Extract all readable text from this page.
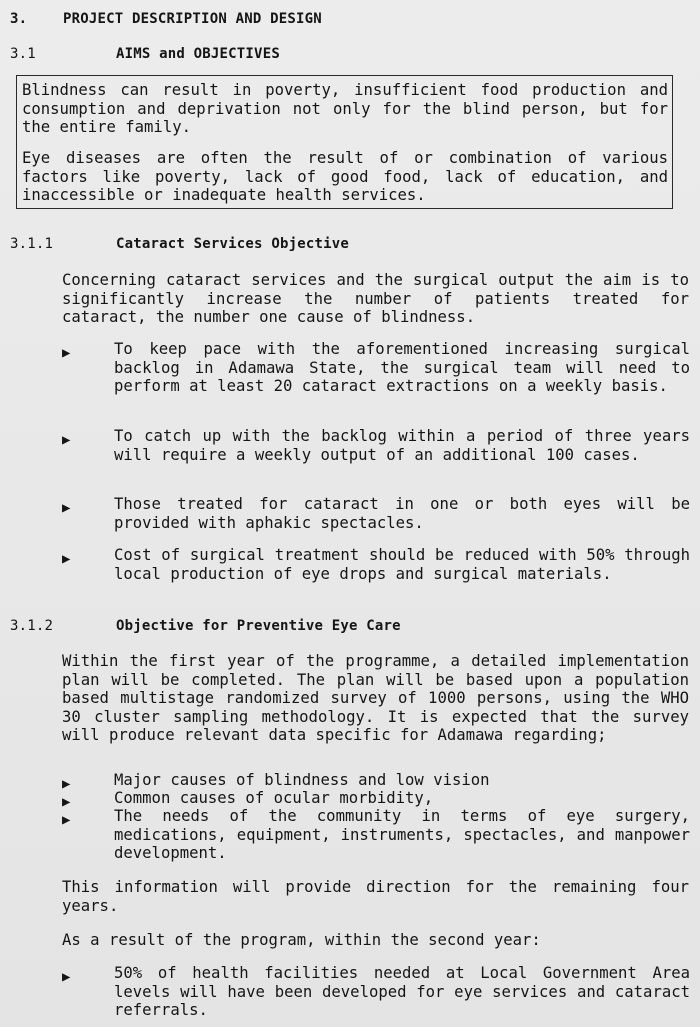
3.	PROJECT DESCRIPTION AND DESIGN
3.1	AIMS and OBJECTIVES

Blindness can result in poverty, insufficient food production and consumption and deprivation not only for the blind person, but for the entire family.

Eye diseases are often the result of or combination of various factors like poverty, lack of good food, lack of education, and inaccessible or inadequate health services.

3.1.1	Cataract Services Objective

Concerning cataract services and the surgical output the aim is to significantly increase the number of patients treated for cataract, the number one cause of blindness.

▶	To keep pace with the aforementioned increasing surgical backlog in Adamawa State, the surgical team will need to perform at least 20 cataract extractions on a weekly basis.

▶	To catch up with the backlog within a period of three years will require a weekly output of an additional 100 cases.

▶	Those treated for cataract in one or both eyes will be provided with aphakic spectacles.

▶	Cost of surgical treatment should be reduced with 50% through local production of eye drops and surgical materials.

3.1.2	Objective for Preventive Eye Care

Within the first year of the programme, a detailed implementation plan will be completed. The plan will be based upon a population based multistage randomized survey of 1000 persons, using the WHO 30 cluster sampling methodology. It is expected that the survey will produce relevant data specific for Adamawa regarding;

▶	Major causes of blindness and low vision

▶	Common causes of ocular morbidity,

▶	The needs of the community in terms of eye surgery, medications, equipment, instruments, spectacles, and manpower development.

This information will provide direction for the remaining four years.

As a result of the program, within the second year:

▶	50% of health facilities needed at Local Government Area levels will have been developed for eye services and cataract referrals.
